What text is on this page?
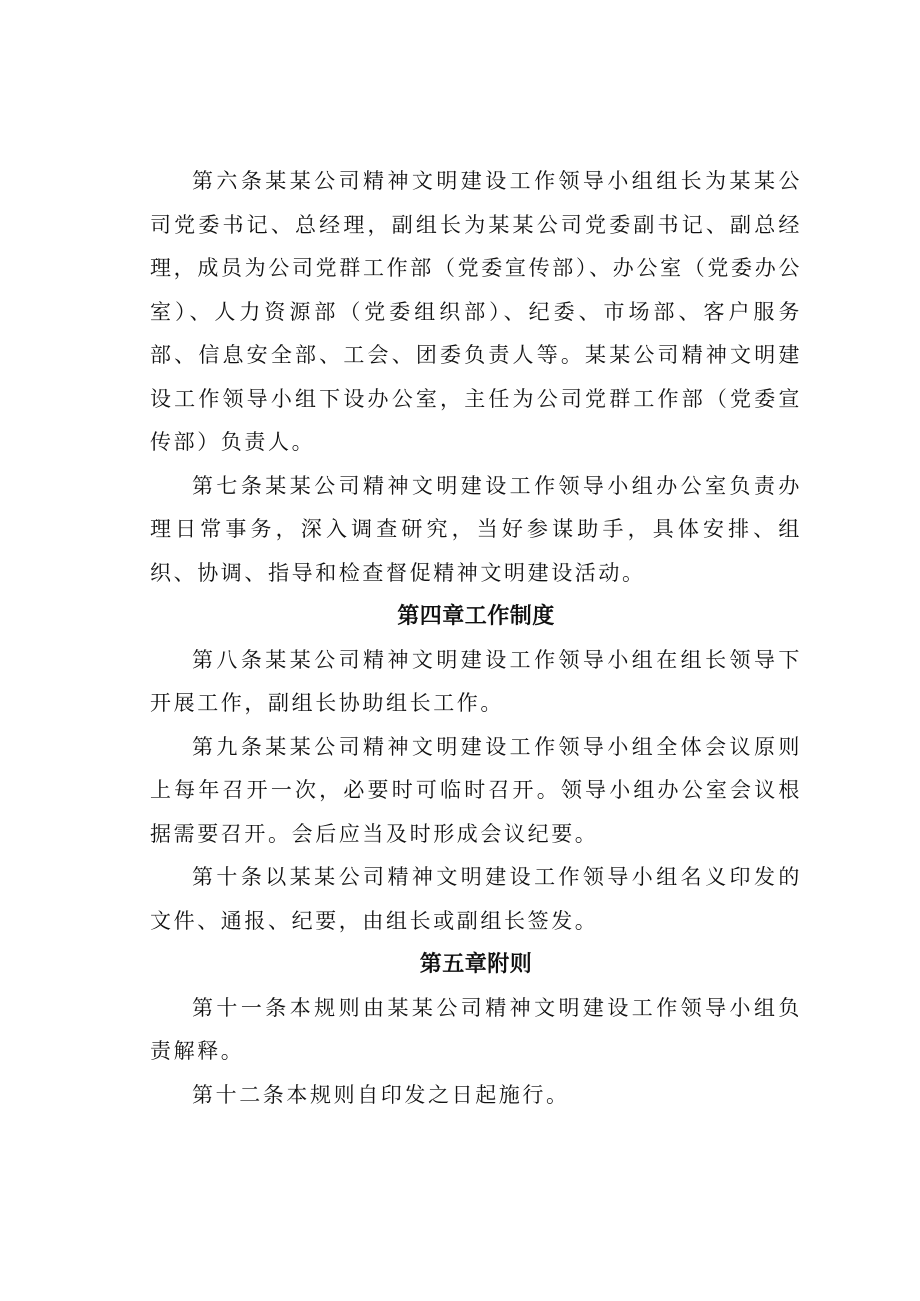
第六条某某公司精神文明建设工作领导小组组长为某某公司党委书记、总经理，副组长为某某公司党委副书记、副总经理，成员为公司党群工作部（党委宣传部）、办公室（党委办公室）、人力资源部（党委组织部）、纪委、市场部、客户服务部、信息安全部、工会、团委负责人等。某某公司精神文明建设工作领导小组下设办公室，主任为公司党群工作部（党委宣传部）负责人。

第七条某某公司精神文明建设工作领导小组办公室负责办理日常事务，深入调查研究，当好参谋助手，具体安排、组织、协调、指导和检查督促精神文明建设活动。

第四章工作制度

第八条某某公司精神文明建设工作领导小组在组长领导下开展工作，副组长协助组长工作。

第九条某某公司精神文明建设工作领导小组全体会议原则上每年召开一次，必要时可临时召开。领导小组办公室会议根据需要召开。会后应当及时形成会议纪要。

第十条以某某公司精神文明建设工作领导小组名义印发的文件、通报、纪要，由组长或副组长签发。

第五章附则

第十一条本规则由某某公司精神文明建设工作领导小组负责解释。

第十二条本规则自印发之日起施行。
